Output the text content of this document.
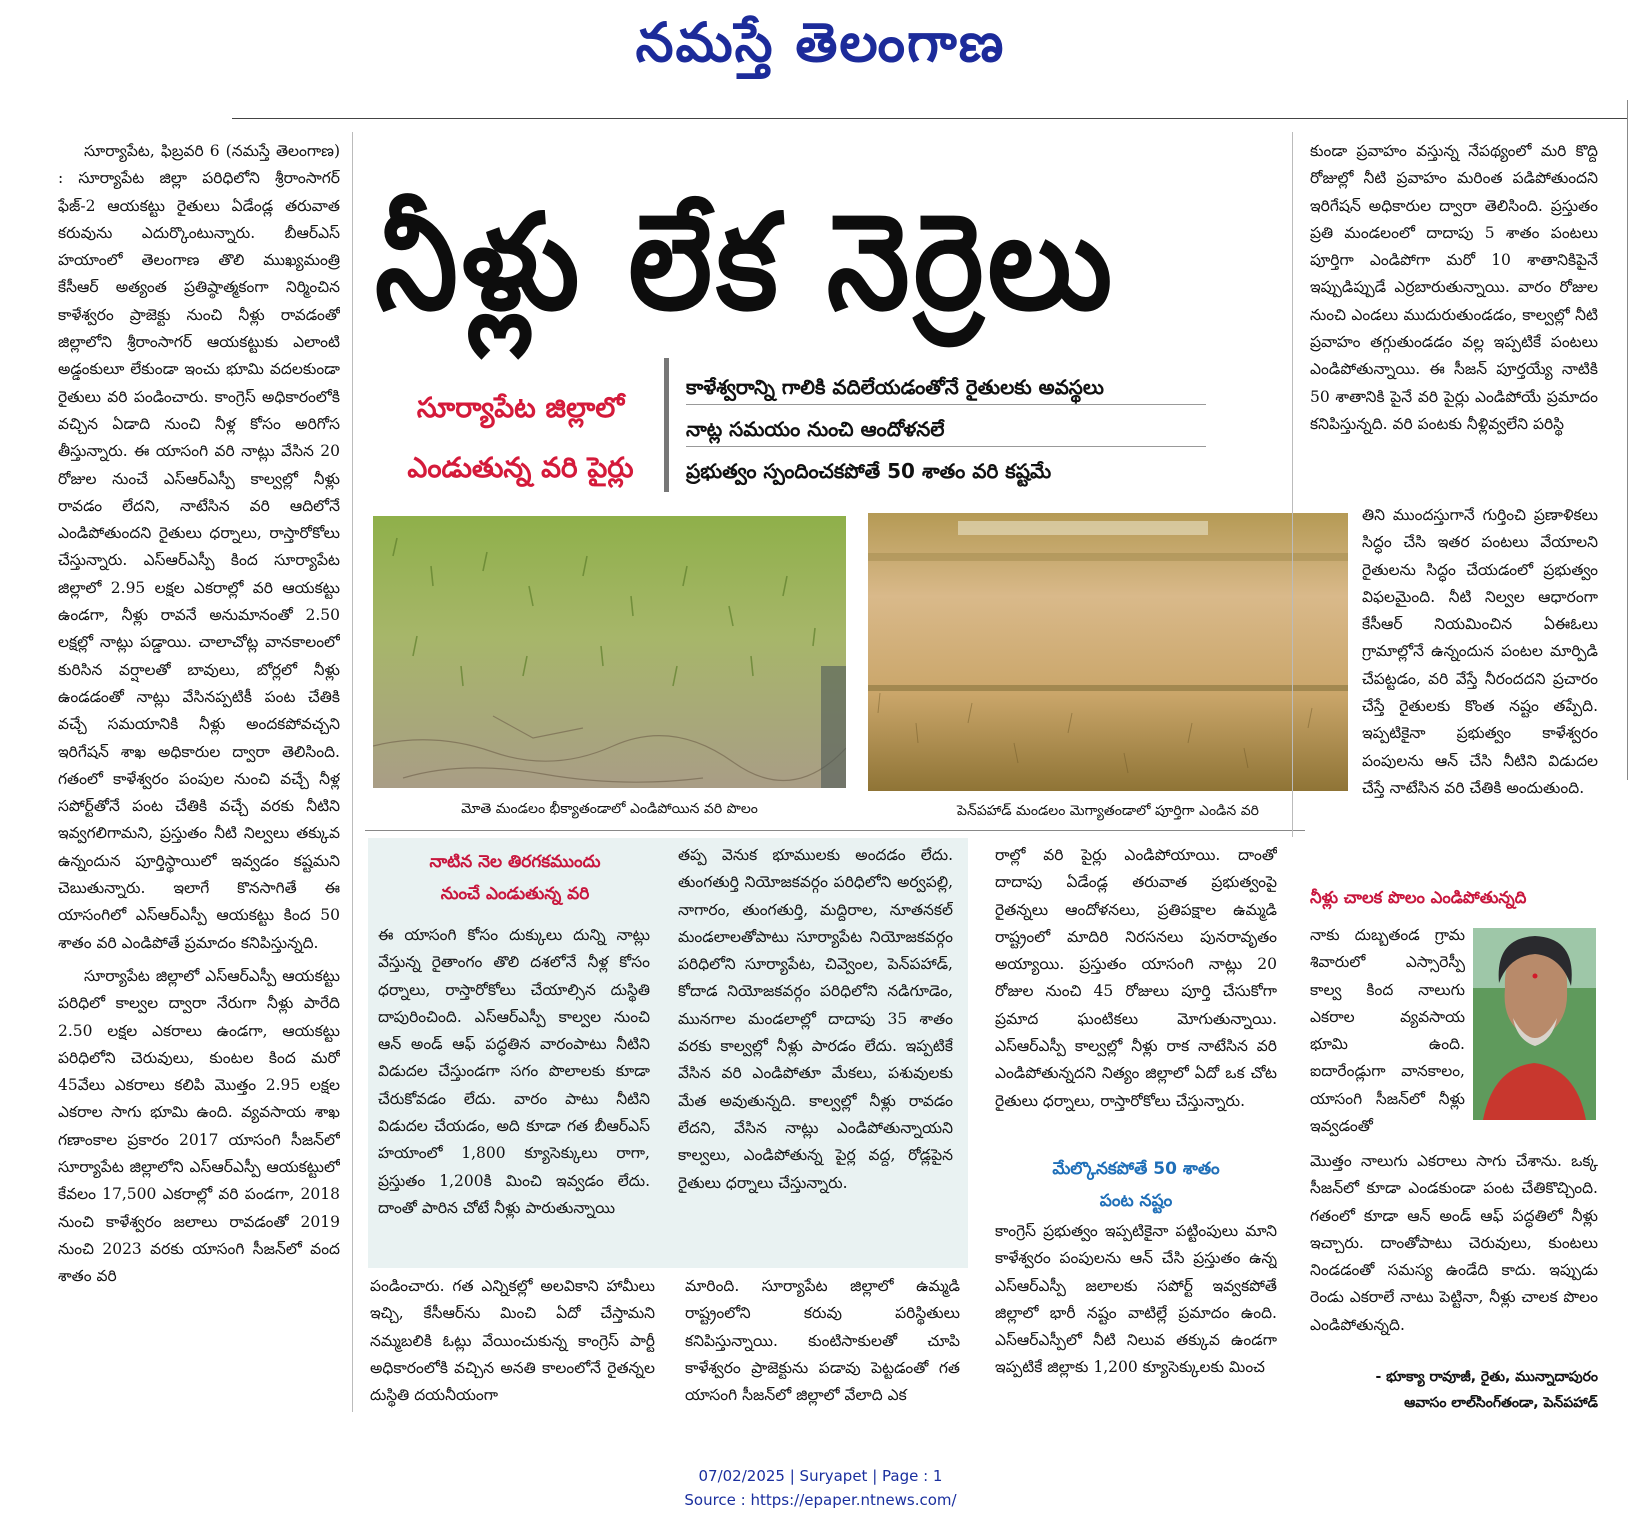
నమస్తే తెలంగాణ
నీళ్లు లేక నెర్రెలు
సూర్యాపేట జిల్లాలో
ఎండుతున్న వరి పైర్లు
కాళేశ్వరాన్ని గాలికి వదిలేయడంతోనే రైతులకు అవస్థలు
నాట్ల సమయం నుంచి ఆందోళనలే
ప్రభుత్వం స్పందించకపోతే 50 శాతం వరి కష్టమే

సూర్యాపేట, ఫిబ్రవరి 6 (నమస్తే తెలంగాణ) : సూర్యాపేట జిల్లా పరిధిలోని శ్రీరాంసాగర్ ఫేజ్-2 ఆయకట్టు రైతులు ఏడేండ్ల తరువాత కరువును ఎదుర్కొంటున్నారు. బీఆర్ఎస్ హయాంలో తెలంగాణ తొలి ముఖ్యమంత్రి కేసీఆర్ అత్యంత ప్రతిష్ఠాత్మకంగా నిర్మించిన కాళేశ్వరం ప్రాజెక్టు నుంచి నీళ్లు రావడంతో జిల్లాలోని శ్రీరాంసాగర్ ఆయకట్టుకు ఎలాంటి అడ్డంకులూ లేకుండా ఇంచు భూమి వదలకుండా రైతులు వరి పండించారు. కాంగ్రెస్ అధికారంలోకి వచ్చిన ఏడాది నుంచి నీళ్ల కోసం అరిగోస తీస్తున్నారు. ఈ యాసంగి వరి నాట్లు వేసిన 20 రోజుల నుంచే ఎస్ఆర్ఎస్పీ కాల్వల్లో నీళ్లు రావడం లేదని, నాటేసిన వరి ఆదిలోనే ఎండిపోతుందని రైతులు ధర్నాలు, రాస్తారోకోలు చేస్తున్నారు. ఎస్ఆర్ఎస్పీ కింద సూర్యాపేట జిల్లాలో 2.95 లక్షల ఎకరాల్లో వరి ఆయకట్టు ఉండగా, నీళ్లు రావనే అనుమానంతో 2.50 లక్షల్లో నాట్లు పడ్డాయి. చాలాచోట్ల వానకాలంలో కురిసిన వర్షాలతో బావులు, బోర్లలో నీళ్లు ఉండడంతో నాట్లు వేసినప్పటికీ పంట చేతికి వచ్చే సమయానికి నీళ్లు అందకపోవచ్చని ఇరిగేషన్ శాఖ అధికారుల ద్వారా తెలిసింది. గతంలో కాళేశ్వరం పంపుల నుంచి వచ్చే నీళ్ల సపోర్ట్‌తోనే పంట చేతికి వచ్చే వరకు నీటిని ఇవ్వగలిగామని, ప్రస్తుతం నీటి నిల్వలు తక్కువ ఉన్నందున పూర్తిస్థాయిలో ఇవ్వడం కష్టమని చెబుతున్నారు. ఇలాగే కొనసాగితే ఈ యాసంగిలో ఎస్ఆర్ఎస్పీ ఆయకట్టు కింద 50 శాతం వరి ఎండిపోతే ప్రమాదం కనిపిస్తున్నది.

సూర్యాపేట జిల్లాలో ఎస్ఆర్ఎస్పీ ఆయకట్టు పరిధిలో కాల్వల ద్వారా నేరుగా నీళ్లు పారేది 2.50 లక్షల ఎకరాలు ఉండగా, ఆయకట్టు పరిధిలోని చెరువులు, కుంటల కింద మరో 45వేలు ఎకరాలు కలిపి మొత్తం 2.95 లక్షల ఎకరాల సాగు భూమి ఉంది. వ్యవసాయ శాఖ గణాంకాల ప్రకారం 2017 యాసంగి సీజన్‌లో సూర్యాపేట జిల్లాలోని ఎస్ఆర్ఎస్పీ ఆయకట్టులో కేవలం 17,500 ఎకరాల్లో వరి పండగా, 2018 నుంచి కాళేశ్వరం జలాలు రావడంతో 2019 నుంచి 2023 వరకు యాసంగి సీజన్‌లో వంద శాతం వరి

కుండా ప్రవాహం వస్తున్న నేపథ్యంలో మరి కొద్ది రోజుల్లో నీటి ప్రవాహం మరింత పడిపోతుందని ఇరిగేషన్ అధికారుల ద్వారా తెలిసింది. ప్రస్తుతం ప్రతి మండలంలో దాదాపు 5 శాతం పంటలు పూర్తిగా ఎండిపోగా మరో 10 శాతానికిపైనే ఇప్పుడిప్పుడే ఎర్రబారుతున్నాయి. వారం రోజుల నుంచి ఎండలు ముదురుతుండడం, కాల్వల్లో నీటి ప్రవాహం తగ్గుతుండడం వల్ల ఇప్పటికే పంటలు ఎండిపోతున్నాయి. ఈ సీజన్ పూర్తయ్యే నాటికి 50 శాతానికి పైనే వరి పైర్లు ఎండిపోయే ప్రమాదం కనిపిస్తున్నది. వరి పంటకు నీళ్లివ్వలేని పరిస్థి
తిని ముందస్తుగానే గుర్తించి ప్రణాళికలు సిద్ధం చేసి ఇతర పంటలు వేయాలని రైతులను సిద్ధం చేయడంలో ప్రభుత్వం విఫలమైంది. నీటి నిల్వల ఆధారంగా కేసీఆర్ నియమించిన ఏఈఓలు గ్రామాల్లోనే ఉన్నందున పంటల మార్పిడి చేపట్టడం, వరి వేస్తే నీరందదని ప్రచారం చేస్తే రైతులకు కొంత నష్టం తప్పేది. ఇప్పటికైనా ప్రభుత్వం కాళేశ్వరం పంపులను ఆన్ చేసి నీటిని విడుదల చేస్తే నాటేసిన వరి చేతికి అందుతుంది.
మోతె మండలం భీక్యాతండాలో ఎండిపోయిన వరి పొలం	పెన్‌పహాడ్ మండలం మెగ్యాతండాలో పూర్తిగా ఎండిన వరి
నాటిన నెల తిరగకముందు
నుంచే ఎండుతున్న వరి
ఈ యాసంగి కోసం దుక్కులు దున్ని నాట్లు వేస్తున్న రైతాంగం తొలి దశలోనే నీళ్ల కోసం ధర్నాలు, రాస్తారోకోలు చేయాల్సిన దుస్థితి దాపురించింది. ఎస్ఆర్ఎస్పీ కాల్వల నుంచి ఆన్ అండ్ ఆఫ్ పద్ధతిన వారంపాటు నీటిని విడుదల చేస్తుండగా సగం పొలాలకు కూడా చేరుకోవడం లేదు. వారం పాటు నీటిని విడుదల చేయడం, అది కూడా గత బీఆర్ఎస్ హయాంలో 1,800 క్యూసెక్కులు రాగా, ప్రస్తుతం 1,200కి మించి ఇవ్వడం లేదు. దాంతో పారిన చోటే నీళ్లు పారుతున్నాయి
తప్ప వెనుక భూములకు అందడం లేదు. తుంగతుర్తి నియోజకవర్గం పరిధిలోని అర్వపల్లి, నాగారం, తుంగతుర్తి, మద్దిరాల, నూతనకల్ మండలాలతోపాటు సూర్యాపేట నియోజకవర్గం పరిధిలోని సూర్యాపేట, చివ్వెంల, పెన్‌పహాడ్, కోదాడ నియోజకవర్గం పరిధిలోని నడిగూడెం, మునగాల మండలాల్లో దాదాపు 35 శాతం వరకు కాల్వల్లో నీళ్లు పారడం లేదు. ఇప్పటికే వేసిన వరి ఎండిపోతూ మేకలు, పశువులకు మేత అవుతున్నది. కాల్వల్లో నీళ్లు రావడం లేదని, వేసిన నాట్లు ఎండిపోతున్నాయని కాల్వలు, ఎండిపోతున్న పైర్ల వద్ద, రోడ్లపైన రైతులు ధర్నాలు చేస్తున్నారు.
రాల్లో వరి పైర్లు ఎండిపోయాయి. దాంతో దాదాపు ఏడేండ్ల తరువాత ప్రభుత్వంపై రైతన్నలు ఆందోళనలు, ప్రతిపక్షాల ఉమ్మడి రాష్ట్రంలో మాదిరి నిరసనలు పునరావృతం అయ్యాయి. ప్రస్తుతం యాసంగి నాట్లు 20 రోజుల నుంచి 45 రోజులు పూర్తి చేసుకోగా ప్రమాద ఘంటికలు మోగుతున్నాయి. ఎస్ఆర్ఎస్పీ కాల్వల్లో నీళ్లు రాక నాటేసిన వరి ఎండిపోతున్నదని నిత్యం జిల్లాలో ఏదో ఒక చోట రైతులు ధర్నాలు, రాస్తారోకోలు చేస్తున్నారు.
మేల్కొనకపోతే 50 శాతం
పంట నష్టం
కాంగ్రెస్ ప్రభుత్వం ఇప్పటికైనా పట్టింపులు మాని కాళేశ్వరం పంపులను ఆన్ చేసి ప్రస్తుతం ఉన్న ఎస్ఆర్ఎస్పీ జలాలకు సపోర్ట్ ఇవ్వకపోతే జిల్లాలో భారీ నష్టం వాటిల్లే ప్రమాదం ఉంది. ఎస్ఆర్ఎస్పీలో నీటి నిలువ తక్కువ ఉండగా ఇప్పటికే జిల్లాకు 1,200 క్యూసెక్కులకు మించ
పండించారు. గత ఎన్నికల్లో అలవికాని హామీలు ఇచ్చి, కేసీఆర్‌ను మించి ఏదో చేస్తామని నమ్మబలికి ఓట్లు వేయించుకున్న కాంగ్రెస్ పార్టీ అధికారంలోకి వచ్చిన అనతి కాలంలోనే రైతన్నల దుస్థితి దయనీయంగా
మారింది. సూర్యాపేట జిల్లాలో ఉమ్మడి రాష్ట్రంలోని కరువు పరిస్థితులు కనిపిస్తున్నాయి. కుంటిసాకులతో చూపి కాళేశ్వరం ప్రాజెక్టును పడావు పెట్టడంతో గత యాసంగి సీజన్‌లో జిల్లాలో వేలాది ఎక
నీళ్లు చాలక పొలం ఎండిపోతున్నది
నాకు దుబ్బతండ గ్రామ శివారులో ఎస్సారెస్పీ కాల్వ కింద నాలుగు ఎకరాల వ్యవసాయ భూమి ఉంది. ఐదారేండ్లుగా వానకాలం, యాసంగి సీజన్‌లో నీళ్లు ఇవ్వడంతో
మొత్తం నాలుగు ఎకరాలు సాగు చేశాను. ఒక్క సీజన్‌లో కూడా ఎండకుండా పంట చేతికొచ్చింది. గతంలో కూడా ఆన్ అండ్ ఆఫ్ పద్ధతిలో నీళ్లు ఇచ్చారు. దాంతోపాటు చెరువులు, కుంటలు నిండడంతో సమస్య ఉండేది కాదు. ఇప్పుడు రెండు ఎకరాలే నాటు పెట్టినా, నీళ్లు చాలక పొలం ఎండిపోతున్నది.
- భూక్యా రావూజీ, రైతు, మున్నాదాపురం
ఆవాసం లాల్‌సింగ్‌తండా, పెన్‌పహాడ్
07/02/2025 | Suryapet | Page : 1
Source : https://epaper.ntnews.com/
